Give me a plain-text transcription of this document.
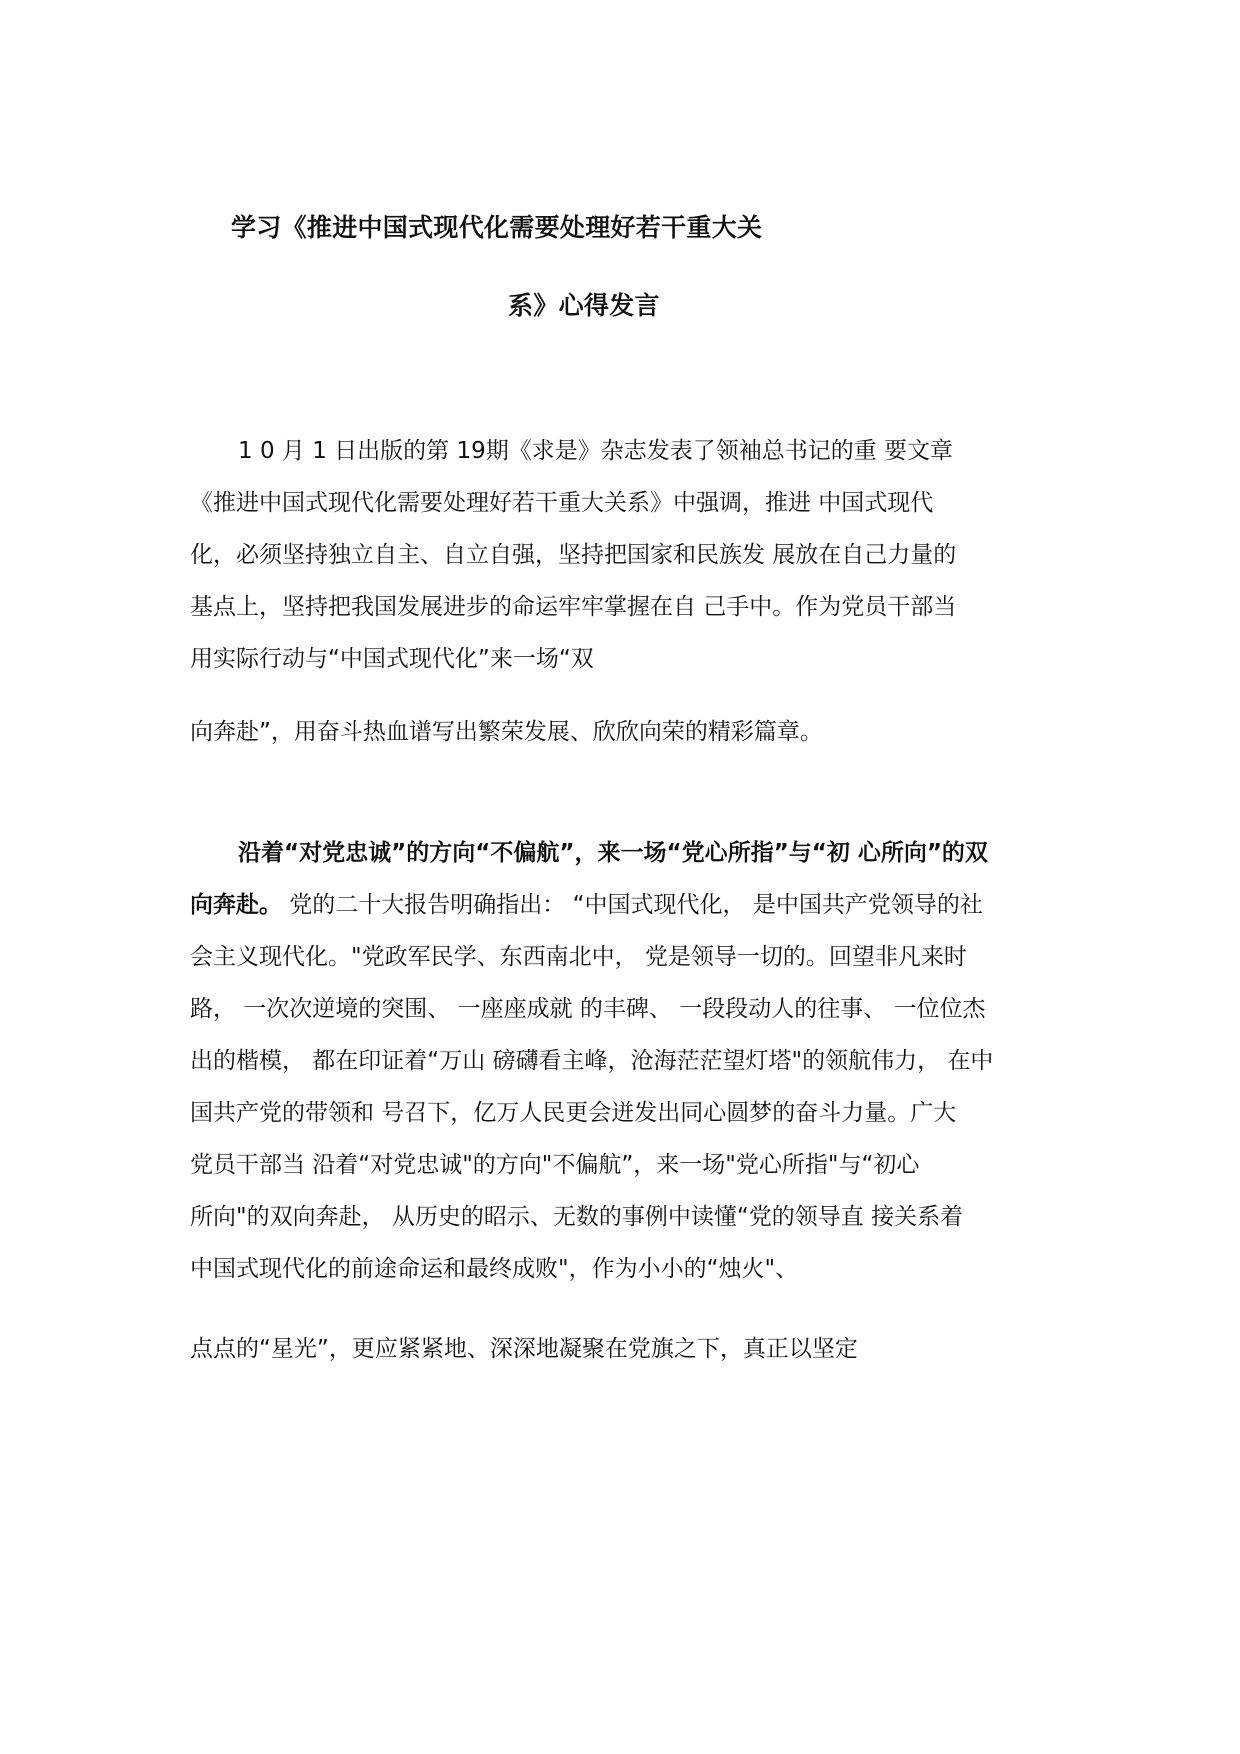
学习《推进中国式现代化需要处理好若干重大关
系》心得发言
1 0 月 1 日出版的第 19期《求是》杂志发表了领袖总书记的重 要文章
《推进中国式现代化需要处理好若干重大关系》中强调，推进 中国式现代
化，必须坚持独立自主、自立自强，坚持把国家和民族发 展放在自己力量的
基点上，坚持把我国发展进步的命运牢牢掌握在自 己手中。作为党员干部当
用实际行动与“中国式现代化”来一场“双
向奔赴”，用奋斗热血谱写出繁荣发展、欣欣向荣的精彩篇章。
沿着“对党忠诚”的方向“不偏航”，来一场“党心所指”与“初 心所向”的双
向奔赴。 党的二十大报告明确指出： “中国式现代化， 是中国共产党领导的社
会主义现代化。"党政军民学、东西南北中， 党是领导一切的。回望非凡来时
路， 一次次逆境的突围、 一座座成就 的丰碑、 一段段动人的往事、 一位位杰
出的楷模， 都在印证着“万山 磅礴看主峰，沧海茫茫望灯塔"的领航伟力， 在中
国共产党的带领和 号召下，亿万人民更会迸发出同心圆梦的奋斗力量。广大
党员干部当 沿着“对党忠诚"的方向"不偏航”，来一场"党心所指"与“初心
所向"的双向奔赴， 从历史的昭示、无数的事例中读懂“党的领导直 接关系着
中国式现代化的前途命运和最终成败"，作为小小的“烛火"、
点点的“星光”，更应紧紧地、深深地凝聚在党旗之下，真正以坚定
